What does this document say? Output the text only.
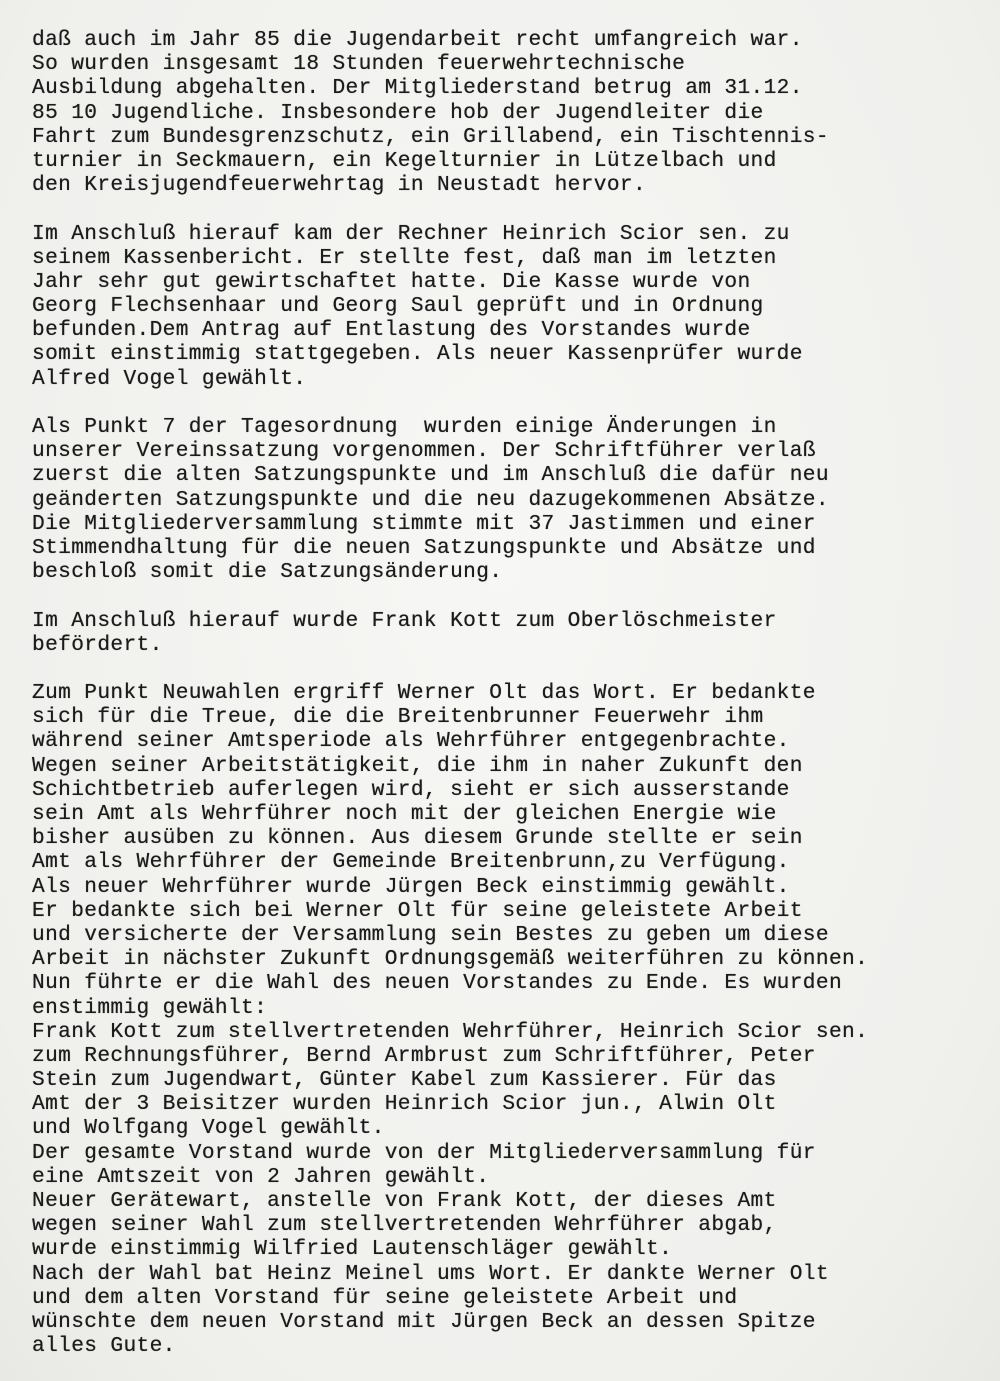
daß auch im Jahr 85 die Jugendarbeit recht umfangreich war.
So wurden insgesamt 18 Stunden feuerwehrtechnische
Ausbildung abgehalten. Der Mitgliederstand betrug am 31.12.
85 10 Jugendliche. Insbesondere hob der Jugendleiter die
Fahrt zum Bundesgrenzschutz, ein Grillabend, ein Tischtennis-
turnier in Seckmauern, ein Kegelturnier in Lützelbach und
den Kreisjugendfeuerwehrtag in Neustadt hervor.
Im Anschluß hierauf kam der Rechner Heinrich Scior sen. zu
seinem Kassenbericht. Er stellte fest, daß man im letzten
Jahr sehr gut gewirtschaftet hatte. Die Kasse wurde von
Georg Flechsenhaar und Georg Saul geprüft und in Ordnung
befunden.Dem Antrag auf Entlastung des Vorstandes wurde
somit einstimmig stattgegeben. Als neuer Kassenprüfer wurde
Alfred Vogel gewählt.
Als Punkt 7 der Tagesordnung  wurden einige Änderungen in
unserer Vereinssatzung vorgenommen. Der Schriftführer verlaß
zuerst die alten Satzungspunkte und im Anschluß die dafür neu
geänderten Satzungspunkte und die neu dazugekommenen Absätze.
Die Mitgliederversammlung stimmte mit 37 Jastimmen und einer
Stimmendhaltung für die neuen Satzungspunkte und Absätze und
beschloß somit die Satzungsänderung.
Im Anschluß hierauf wurde Frank Kott zum Oberlöschmeister
befördert.
Zum Punkt Neuwahlen ergriff Werner Olt das Wort. Er bedankte
sich für die Treue, die die Breitenbrunner Feuerwehr ihm
während seiner Amtsperiode als Wehrführer entgegenbrachte.
Wegen seiner Arbeitstätigkeit, die ihm in naher Zukunft den
Schichtbetrieb auferlegen wird, sieht er sich ausserstande
sein Amt als Wehrführer noch mit der gleichen Energie wie
bisher ausüben zu können. Aus diesem Grunde stellte er sein
Amt als Wehrführer der Gemeinde Breitenbrunn,zu Verfügung.
Als neuer Wehrführer wurde Jürgen Beck einstimmig gewählt.
Er bedankte sich bei Werner Olt für seine geleistete Arbeit
und versicherte der Versammlung sein Bestes zu geben um diese
Arbeit in nächster Zukunft Ordnungsgemäß weiterführen zu können.
Nun führte er die Wahl des neuen Vorstandes zu Ende. Es wurden
enstimmig gewählt:
Frank Kott zum stellvertretenden Wehrführer, Heinrich Scior sen.
zum Rechnungsführer, Bernd Armbrust zum Schriftführer, Peter
Stein zum Jugendwart, Günter Kabel zum Kassierer. Für das
Amt der 3 Beisitzer wurden Heinrich Scior jun., Alwin Olt
und Wolfgang Vogel gewählt.
Der gesamte Vorstand wurde von der Mitgliederversammlung für
eine Amtszeit von 2 Jahren gewählt.
Neuer Gerätewart, anstelle von Frank Kott, der dieses Amt
wegen seiner Wahl zum stellvertretenden Wehrführer abgab,
wurde einstimmig Wilfried Lautenschläger gewählt.
Nach der Wahl bat Heinz Meinel ums Wort. Er dankte Werner Olt
und dem alten Vorstand für seine geleistete Arbeit und
wünschte dem neuen Vorstand mit Jürgen Beck an dessen Spitze
alles Gute.
